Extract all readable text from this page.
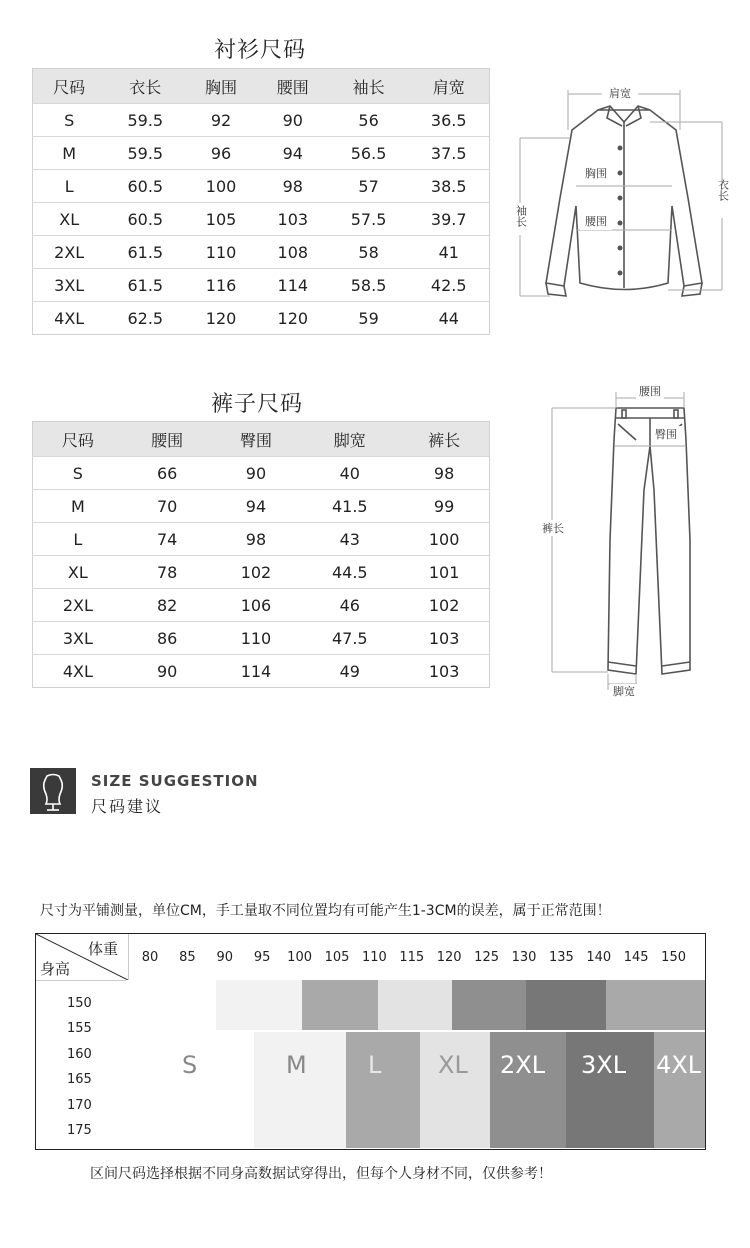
衬衫尺码
尺码	衣长	胸围	腰围	袖长	肩宽
S	59.5	92	90	56	36.5
M	59.5	96	94	56.5	37.5
L	60.5	100	98	57	38.5
XL	60.5	105	103	57.5	39.7
2XL	61.5	110	108	58	41
3XL	61.5	116	114	58.5	42.5
4XL	62.5	120	120	59	44
肩宽
胸围
腰围
袖长
衣长
裤子尺码
尺码	腰围	臀围	脚宽	裤长
S	66	90	40	98
M	70	94	41.5	99
L	74	98	43	100
XL	78	102	44.5	101
2XL	82	106	46	102
3XL	86	110	47.5	103
4XL	90	114	49	103
腰围
臀围
裤长
脚宽
SIZE SUGGESTION
尺码建议
尺寸为平铺测量，单位CM，手工量取不同位置均有可能产生1-3CM的误差，属于正常范围！
体重
身高
80	85	90	95	100 105 110 115 120 125 130 135 140 145 150
150
155
160
165
170
175
S	M	L XL 2XL 3XL 4XL
区间尺码选择根据不同身高数据试穿得出，但每个人身材不同，仅供参考！
